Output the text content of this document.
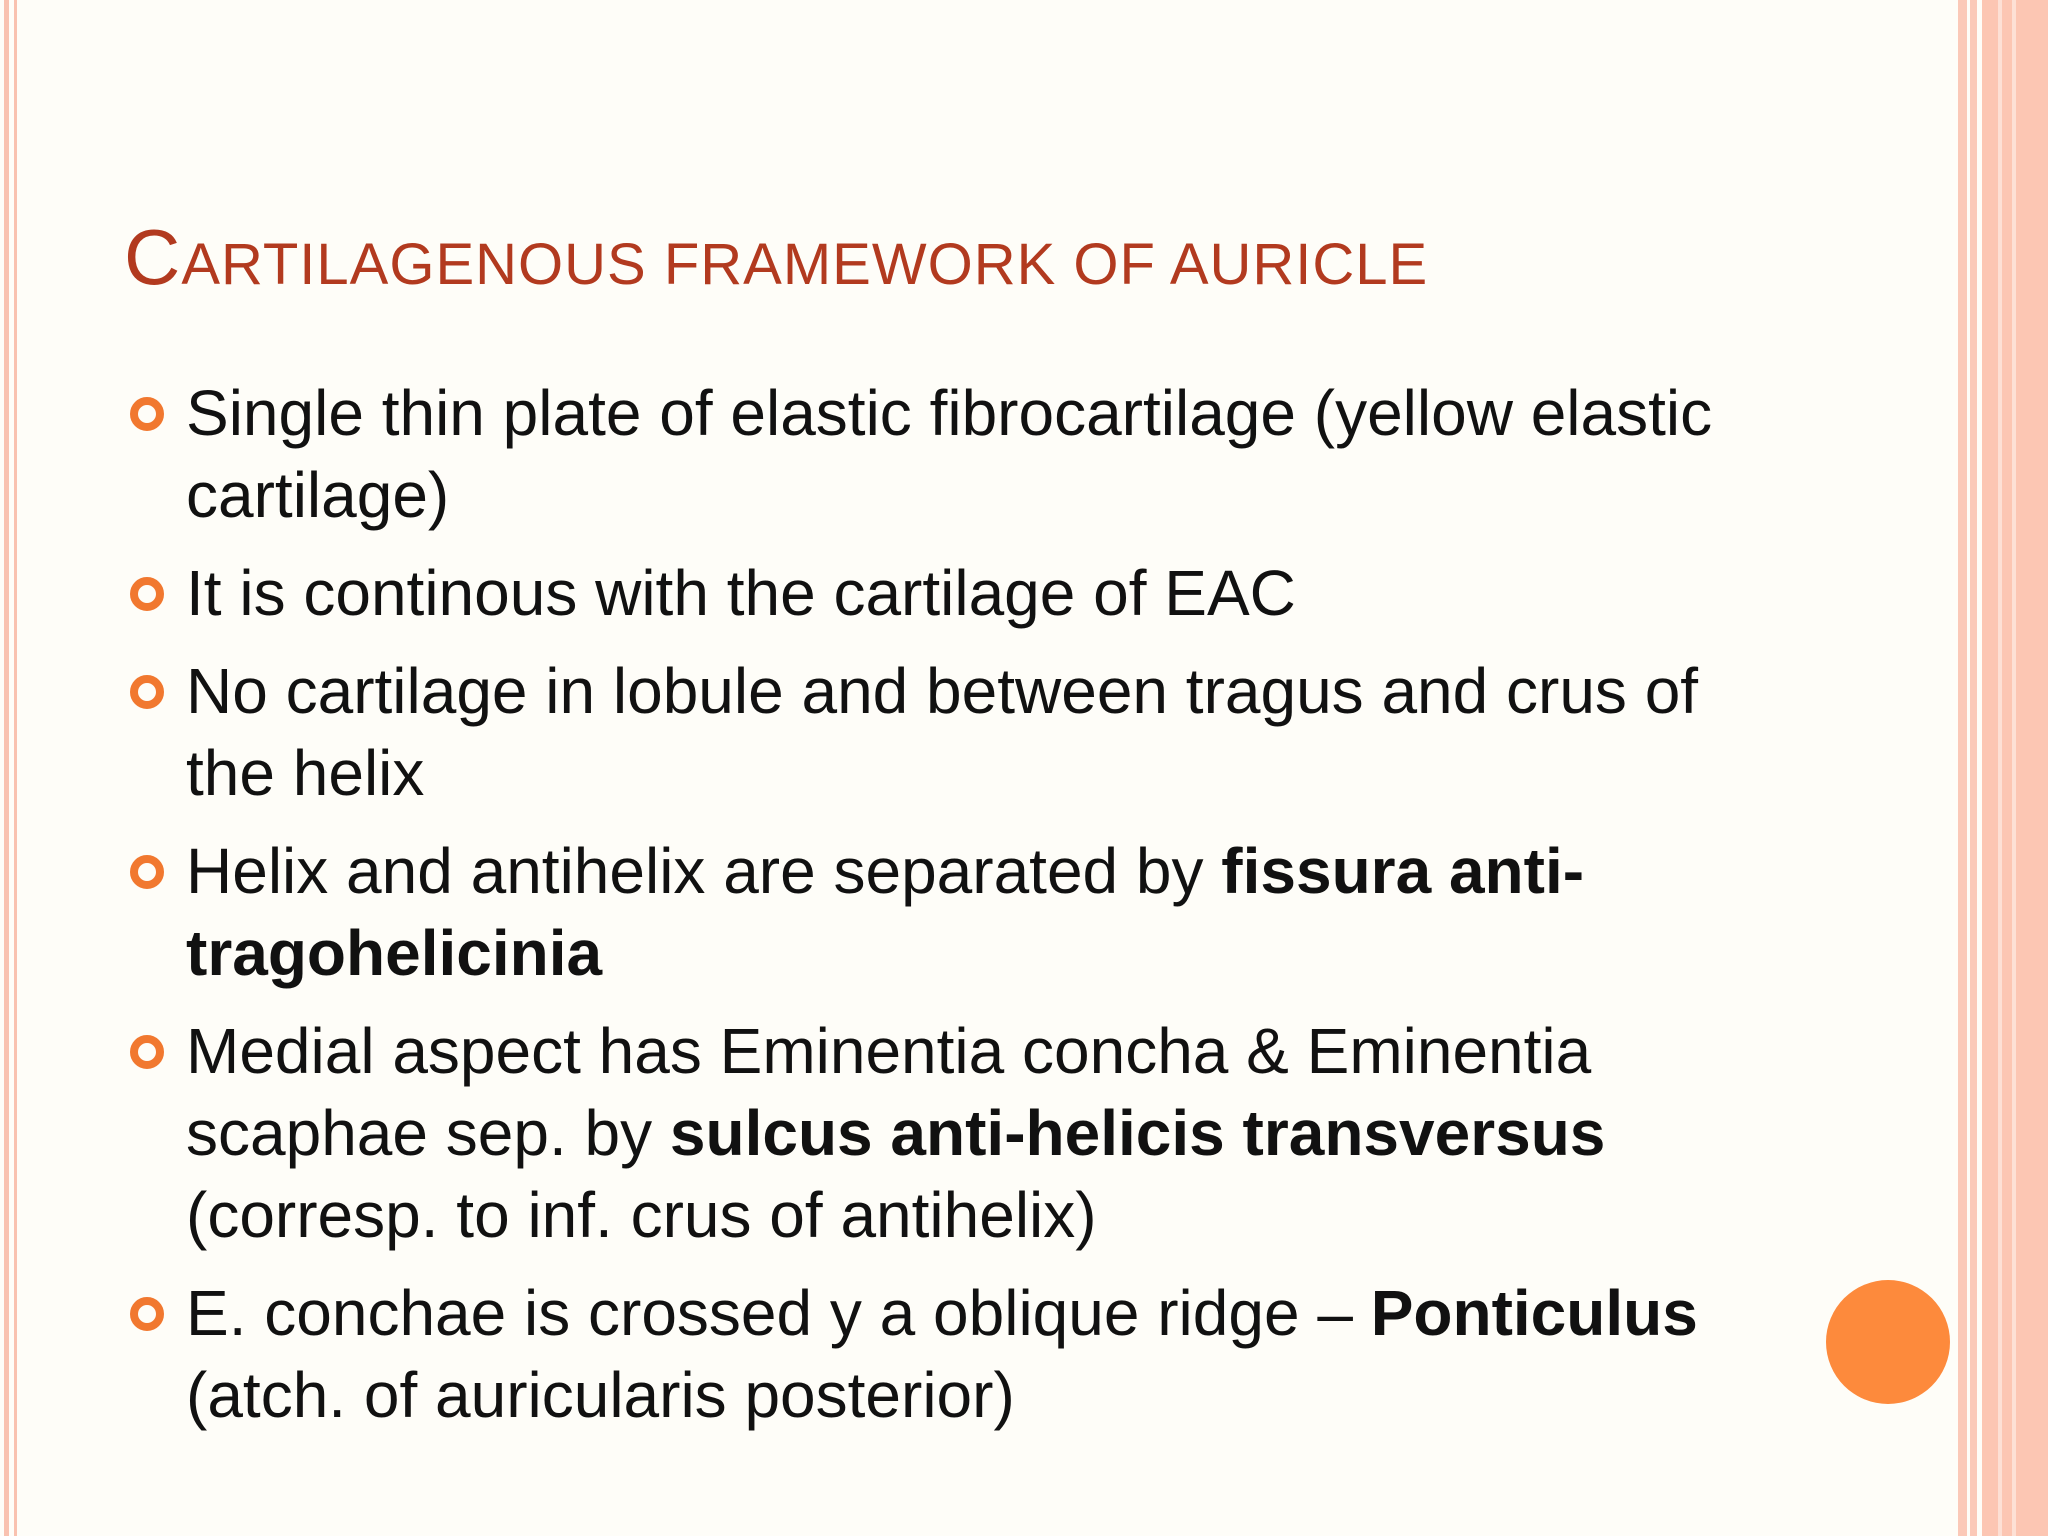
CARTILAGENOUS FRAMEWORK OF AURICLE
Single thin plate of elastic fibrocartilage (yellow elastic cartilage)
It is continous with the cartilage of EAC
No cartilage in lobule and between tragus and crus of the helix
Helix and antihelix are separated by fissura anti-tragohelicinia
Medial aspect has Eminentia concha & Eminentia scaphae sep. by sulcus anti-helicis transversus (corresp. to inf. crus of antihelix)
E. conchae is crossed y a oblique ridge – Ponticulus (atch. of auricularis posterior)
